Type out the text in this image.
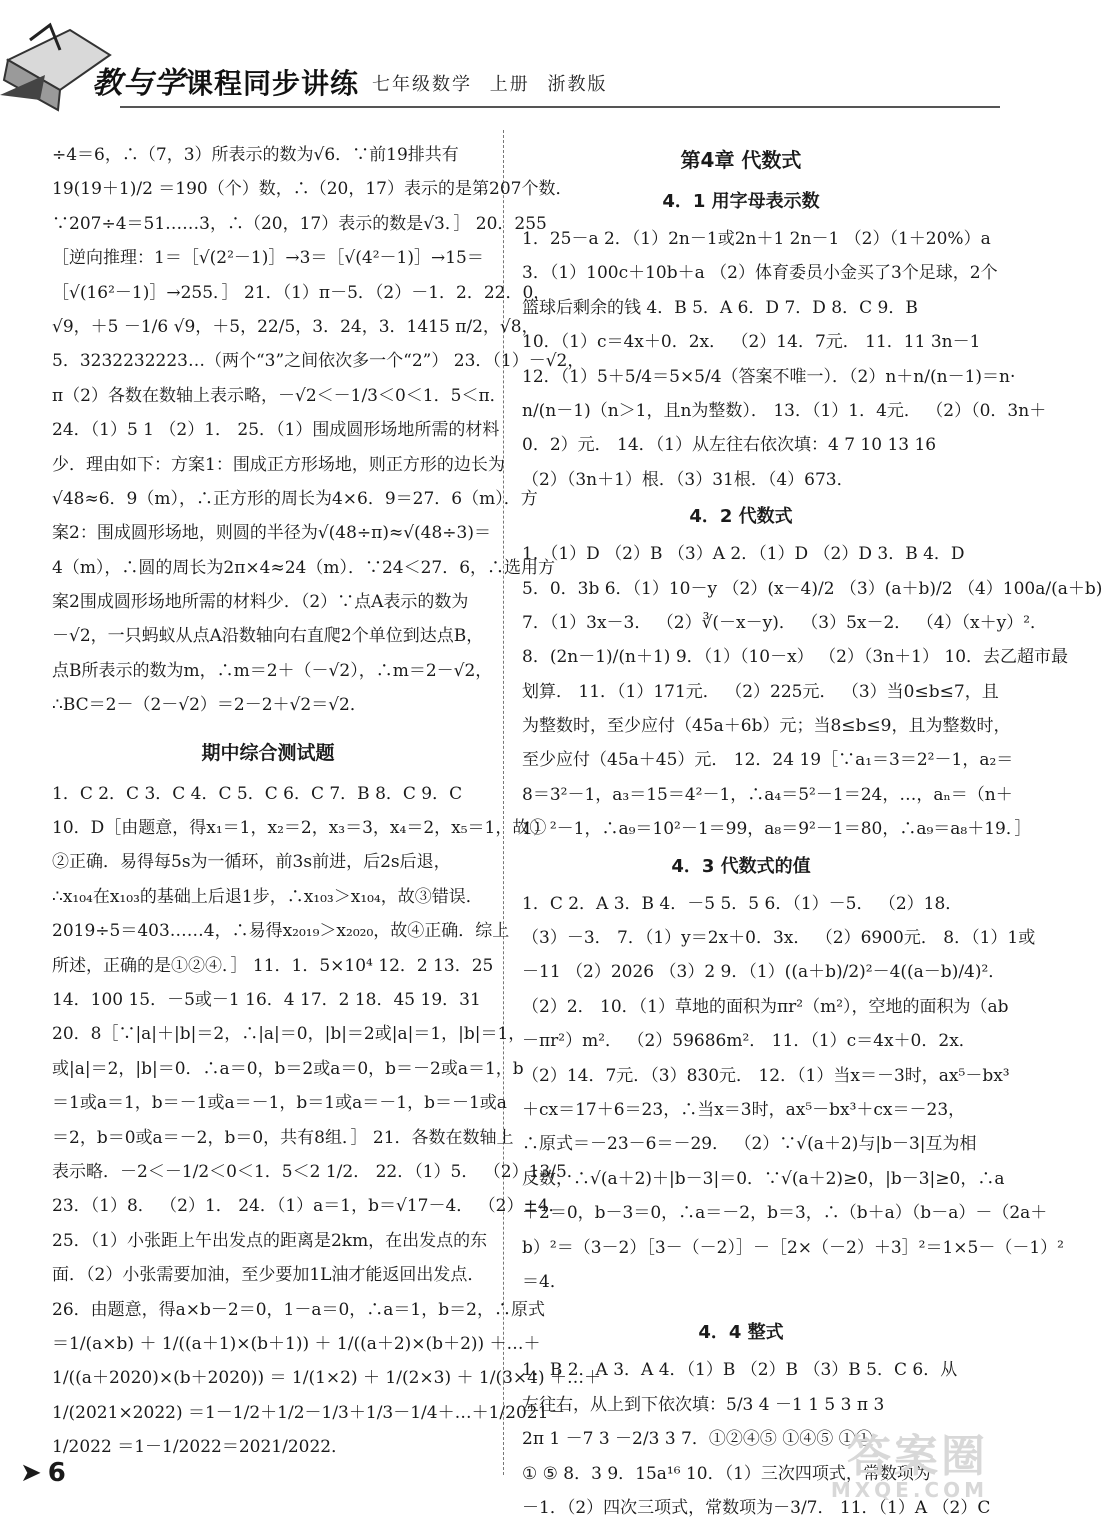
教与学课程同步讲练 七年级数学 上册 浙教版
÷4＝6，∴（7，3）所表示的数为√6．∵前19排共有
19(19＋1)/2 ＝190（个）数，∴（20，17）表示的是第207个数．
∵207÷4＝51……3，∴（20，17）表示的数是√3．］ 20．255
［逆向推理：1＝［√(2²－1)］→3＝［√(4²－1)］→15＝
［√(16²－1)］→255．］ 21．（1）π－5．（2）－1．2．22．0，
√9，＋5 －1/6 √9，＋5，22/5，3．24，3．1415 π/2，√8，
5．3232232223…（两个“3”之间依次多一个“2”） 23．（1）－√2，
π（2）各数在数轴上表示略，－√2＜－1/3＜0＜1．5＜π．
24．（1）5 1 （2）1． 25．（1）围成圆形场地所需的材料
少．理由如下：方案1：围成正方形场地，则正方形的边长为
√48≈6．9（m），∴正方形的周长为4×6．9＝27．6（m）．方
案2：围成圆形场地，则圆的半径为√(48÷π)≈√(48÷3)＝
4（m），∴圆的周长为2π×4≈24（m）．∵24＜27．6，∴选用方
案2围成圆形场地所需的材料少．（2）∵点A表示的数为
－√2，一只蚂蚁从点A沿数轴向右直爬2个单位到达点B，
点B所表示的数为m，∴m＝2＋（－√2），∴m＝2－√2，
∴BC＝2－（2－√2）＝2－2＋√2＝√2．
期中综合测试题
1．C 2．C 3．C 4．C 5．C 6．C 7．B 8．C 9．C
10．D［由题意，得x₁＝1，x₂＝2，x₃＝3，x₄＝2，x₅＝1，故①
②正确．易得每5s为一循环，前3s前进，后2s后退，
∴x₁₀₄在x₁₀₃的基础上后退1步，∴x₁₀₃＞x₁₀₄，故③错误．
2019÷5＝403……4，∴易得x₂₀₁₉＞x₂₀₂₀，故④正确．综上
所述，正确的是①②④．］ 11．1．5×10⁴ 12．2 13．25
14．100 15．－5或－1 16．4 17．2 18．45 19．31
20．8［∵|a|＋|b|＝2，∴|a|＝0，|b|＝2或|a|＝1，|b|＝1，
或|a|＝2，|b|＝0．∴a＝0，b＝2或a＝0，b＝－2或a＝1，b
＝1或a＝1，b＝－1或a＝－1，b＝1或a＝－1，b＝－1或a
＝2，b＝0或a＝－2，b＝0，共有8组．］ 21．各数在数轴上
表示略．－2＜－1/2＜0＜1．5＜2 1/2． 22．（1）5． （2）13/5．
23．（1）8． （2）1． 24．（1）a＝1，b＝√17－4． （2）±4．
25．（1）小张距上午出发点的距离是2km，在出发点的东
面．（2）小张需要加油，至少要加1L油才能返回出发点．
26．由题意，得a×b－2＝0，1－a＝0，∴a＝1，b＝2，∴原式
＝1/(a×b) ＋ 1/((a＋1)×(b＋1)) ＋ 1/((a＋2)×(b＋2)) ＋…＋
1/((a＋2020)×(b＋2020)) ＝ 1/(1×2) ＋ 1/(2×3) ＋ 1/(3×4) ＋…＋
1/(2021×2022) ＝1－1/2＋1/2－1/3＋1/3－1/4＋…＋1/2021－
1/2022 ＝1－1/2022＝2021/2022．
第4章 代数式
4．1 用字母表示数
1．25－a 2．（1）2n－1或2n＋1 2n－1 （2）（1＋20%）a
3．（1）100c＋10b＋a （2）体育委员小金买了3个足球，2个
篮球后剩余的钱 4．B 5．A 6．D 7．D 8．C 9．B
10．（1）c＝4x＋0．2x． （2）14．7元． 11．11 3n－1
12．（1）5＋5/4＝5×5/4（答案不唯一）．（2）n＋n/(n－1)＝n·
n/(n－1)（n＞1，且n为整数）． 13．（1）1．4元． （2）（0．3n＋
0．2）元． 14．（1）从左往右依次填：4 7 10 13 16
（2）（3n＋1）根．（3）31根．（4）673．
4．2 代数式
1．（1）D （2）B （3）A 2．（1）D （2）D 3．B 4．D
5．0．3b 6．（1）10－y （2）(x－4)/2 （3）(a＋b)/2 （4）100a/(a＋b)
7．（1）3x－3． （2）∛(－x－y)． （3）5x－2． （4）（x＋y）²．
8．(2n－1)/(n＋1) 9．（1）（10－x） （2）（3n＋1） 10．去乙超市最
划算． 11．（1）171元． （2）225元． （3）当0≤b≤7，且
为整数时，至少应付（45a＋6b）元；当8≤b≤9，且为整数时，
至少应付（45a＋45）元． 12．24 19［∵a₁＝3＝2²－1，a₂＝
8＝3²－1，a₃＝15＝4²－1，∴a₄＝5²－1＝24，…，aₙ＝（n＋
1）²－1，∴a₉＝10²－1＝99，a₈＝9²－1＝80，∴a₉＝a₈＋19．］
4．3 代数式的值
1．C 2．A 3．B 4．－5 5．5 6．（1）－5． （2）18．
（3）－3． 7．（1）y＝2x＋0．3x． （2）6900元． 8．（1）1或
－11 （2）2026 （3）2 9．（1）((a＋b)/2)²－4((a－b)/4)²．
（2）2． 10．（1）草地的面积为πr²（m²），空地的面积为（ab
－πr²）m²． （2）59686m²． 11．（1）c＝4x＋0．2x．
（2）14．7元．（3）830元． 12．（1）当x＝－3时，ax⁵－bx³
＋cx＝17＋6＝23，∴当x＝3时，ax⁵－bx³＋cx＝－23，
∴原式＝－23－6＝－29． （2）∵√(a＋2)与|b－3|互为相
反数，∴√(a＋2)＋|b－3|＝0．∵√(a＋2)≥0，|b－3|≥0，∴a
＋2＝0，b－3＝0，∴a＝－2，b＝3，∴（b＋a）（b－a）－（2a＋
b）²＝（3－2）［3－（－2）］－［2×（－2）＋3］²＝1×5－（－1）²
＝4．
4．4 整式
1．B 2．A 3．A 4．（1）B （2）B （3）B 5．C 6．从
左往右，从上到下依次填：5/3 4 －1 1 5 3 π 3
2π 1 －7 3 －2/3 3 7．①②④⑤ ①④⑤ ①①
① ⑤ 8．3 9．15a¹⁶ 10．（1）三次四项式，常数项为
－1．（2）四次三项式，常数项为－3/7． 11．（1）A （2）C
➤ 6	答案圈
MXQE.COM
